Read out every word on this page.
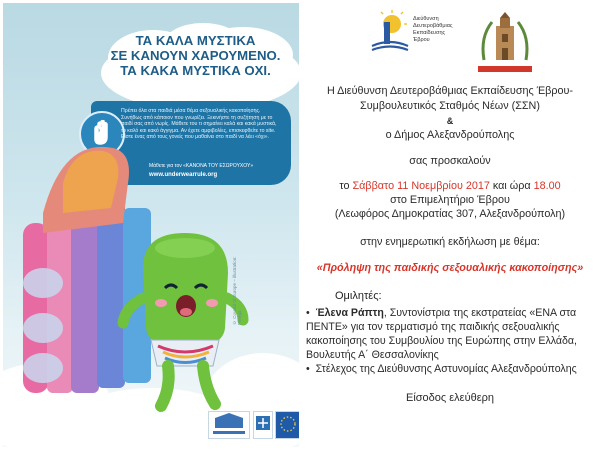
ΤΑ ΚΑΛΑ ΜΥΣΤΙΚΑ
ΣΕ ΚΑΝΟΥΝ ΧΑΡΟΥΜΕΝΟ.
ΤΑ ΚΑΚΑ ΜΥΣΤΙΚΑ ΟΧΙ.
Πρέπει όλα στα παιδιά μέσα θέμα σεξουαλικής κακοποίησης. Συνήθως από κάποιον που γνωρίζει. Ξεκινήστε τη συζήτηση με το παιδί σας από νωρίς. Μάθετε του τι σημαίνει καλά και κακά μυστικά, το καλό και κακό άγγιγμα. Αν έχετε αμφιβολίες, επισκεφθείτε το site. Είστε ένας από τους γονείς που μαθαίνει στο παιδί να λέει «όχι».
Μάθετε για τον «ΚΑΝΟΝΑ ΤΟΥ ΕΣΩΡΟΥΧΟΥ»
www.underwearrule.org
© Council of Europe – illustration: Perega
Διεύθυνση
Δευτεροβάθμιας
Εκπαίδευσης
Έβρου
Η Διεύθυνση Δευτεροβάθμιας Εκπαίδευσης Έβρου-
Συμβουλευτικός Σταθμός Νέων (ΣΣΝ)
&
ο Δήμος Αλεξανδρούπολης
σας προσκαλούν
το Σάββατο 11 Νοεμβρίου 2017 και ώρα 18.00
στο Επιμελητήριο Έβρου
(Λεωφόρος Δημοκρατίας 307, Αλεξανδρούπολη)
στην ενημερωτική εκδήλωση με θέμα:
«Πρόληψη της παιδικής σεξουαλικής κακοποίησης»
Ομιλητές:
•  Έλενα Ράπτη, Συντονίστρια της εκστρατείας «ΕΝΑ στα ΠΕΝΤΕ» για τον τερματισμό της παιδικής σεξουαλικής κακοποίησης του Συμβουλίου της Ευρώπης στην Ελλάδα, Βουλευτής Α΄ Θεσσαλονίκης
•  Στέλεχος της Διεύθυνσης Αστυνομίας Αλεξανδρούπολης
Είσοδος ελεύθερη
